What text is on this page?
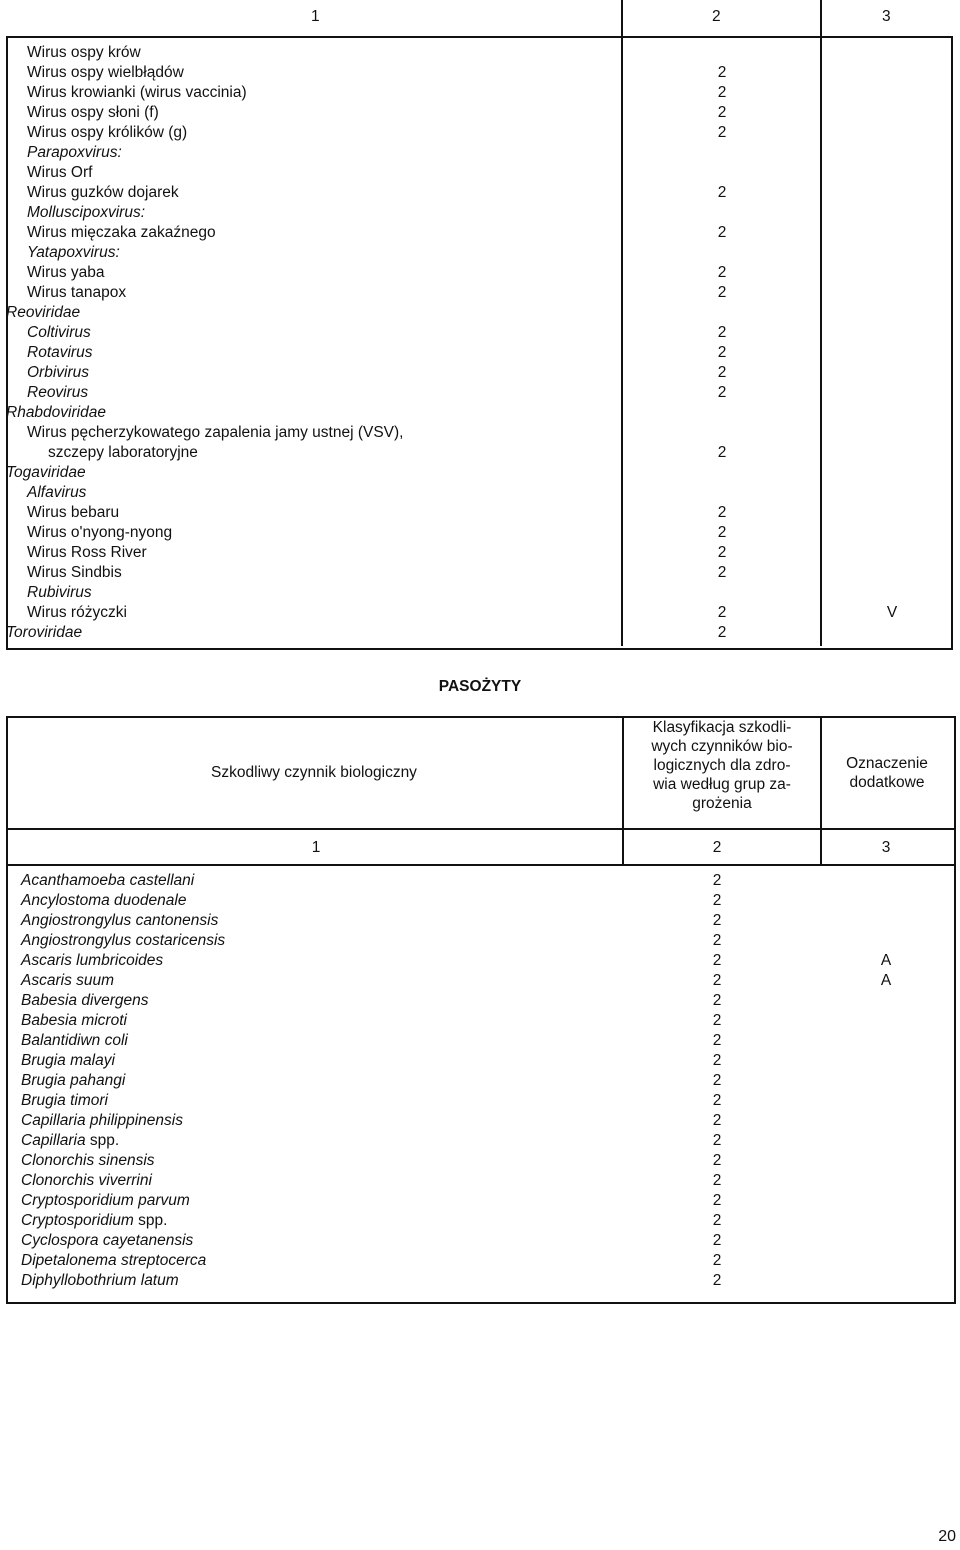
1	2	3
Wirus ospy krów
Wirus ospy wielbłądów	2
Wirus krowianki (wirus vaccinia)	2
Wirus ospy słoni (f)	2
Wirus ospy królików (g)	2
Parapoxvirus:
Wirus Orf
Wirus guzków dojarek	2
Molluscipoxvirus:
Wirus mięczaka zakaźnego	2
Yatapoxvirus:
Wirus yaba	2
Wirus tanapox	2
Reoviridae
Coltivirus	2
Rotavirus	2
Orbivirus	2
Reovirus	2
Rhabdoviridae
Wirus pęcherzykowatego zapalenia jamy ustnej (VSV),
szczepy laboratoryjne	2
Togaviridae
Alfavirus
Wirus bebaru	2
Wirus o'nyong-nyong	2
Wirus Ross River	2
Wirus Sindbis	2
Rubivirus
Wirus różyczki	2	V
Toroviridae	2
PASOŻYTY
Szkodliwy czynnik biologiczny
Klasyfikacja szkodli-
wych czynników bio-
logicznych dla zdro-
wia według grup za-
grożenia
Oznaczenie
dodatkowe
1	2	3
Acanthamoeba castellani	2
Ancylostoma duodenale	2
Angiostrongylus cantonensis	2
Angiostrongylus costaricensis	2
Ascaris lumbricoides	2	A
Ascaris suum	2	A
Babesia divergens	2
Babesia microti	2
Balantidiwn coli	2
Brugia malayi	2
Brugia pahangi	2
Brugia timori	2
Capillaria philippinensis	2
Capillaria spp.	2
Clonorchis sinensis	2
Clonorchis viverrini	2
Cryptosporidium parvum	2
Cryptosporidium spp.	2
Cyclospora cayetanensis	2
Dipetalonema streptocerca	2
Diphyllobothrium latum	2
20
